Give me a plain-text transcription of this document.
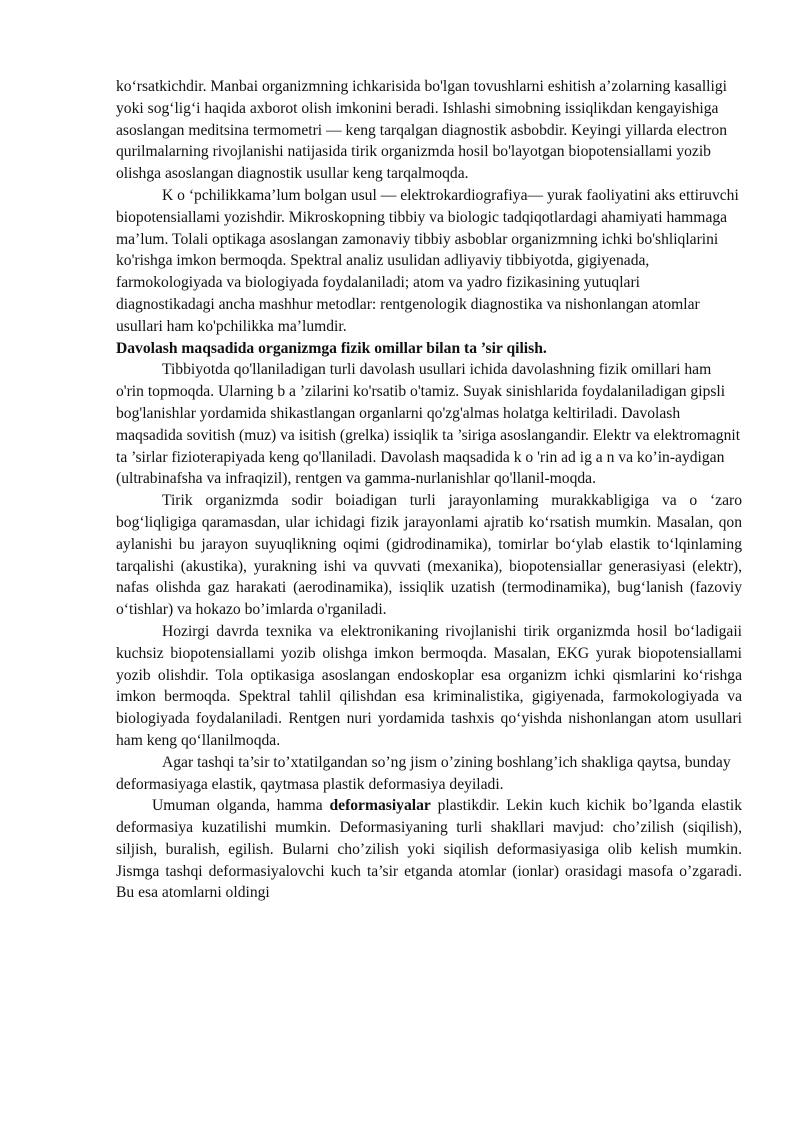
ko‘rsatkichdir. Manbai organizmning ichkarisida bo'lgan tovushlarni eshitish a’zolarning kasalligi yoki sog‘lig‘i haqida axborot olish imkonini beradi. Ishlashi simobning issiqlikdan kengayishiga asoslangan meditsina termometri — keng tarqalgan diagnostik asbobdir. Keyingi yillarda electron qurilmalarning rivojlanishi natijasida tirik organizmda hosil bo'layotgan biopotensiallami yozib olishga asoslangan diagnostik usullar keng tarqalmoqda.

K o ‘pchilikkama’lum bolgan usul — elektrokardiografiya— yurak faoliyatini aks ettiruvchi biopotensiallami yozishdir. Mikroskopning tibbiy va biologic tadqiqotlardagi ahamiyati hammaga ma’lum. Tolali optikaga asoslangan zamonaviy tibbiy asboblar organizmning ichki bo'shliqlarini ko'rishga imkon bermoqda. Spektral analiz usulidan adliyaviy tibbiyotda, gigiyenada, farmokologiyada va biologiyada foydalaniladi; atom va yadro fizikasining yutuqlari diagnostikadagi ancha mashhur metodlar: rentgenologik diagnostika va nishonlangan atomlar usullari ham ko'pchilikka ma’lumdir.

Davolash maqsadida organizmga fizik omillar bilan ta ’sir qilish.

Tibbiyotda qo'llaniladigan turli davolash usullari ichida davolashning fizik omillari ham o'rin topmoqda. Ularning b a ’zilarini ko'rsatib o'tamiz. Suyak sinishlarida foydalaniladigan gipsli bog'lanishlar yordamida shikastlangan organlarni qo'zg'almas holatga keltiriladi. Davolash maqsadida sovitish (muz) va isitish (grelka) issiqlik ta ’siriga asoslangandir. Elektr va elektromagnit ta ’sirlar fizioterapiyada keng qo'llaniladi. Davolash maqsadida k o 'rin ad ig a n va ko’in-aydigan (ultrabinafsha va infraqizil), rentgen va gamma-nurlanishlar qo'llanil-moqda.

Tirik organizmda sodir boiadigan turli jarayonlaming murakkabligiga va o ‘zaro bog‘liqligiga qaramasdan, ular ichidagi fizik jarayonlami ajratib ko‘rsatish mumkin. Masalan, qon aylanishi bu jarayon suyuqlikning oqimi (gidrodinamika), tomirlar bo‘ylab elastik to‘lqinlaming tarqalishi (akustika), yurakning ishi va quvvati (mexanika), biopotensiallar generasiyasi (elektr), nafas olishda gaz harakati (aerodinamika), issiqlik uzatish (termodinamika), bug‘lanish (fazoviy o‘tishlar) va hokazo bo’imlarda o'rganiladi.

Hozirgi davrda texnika va elektronikaning rivojlanishi tirik organizmda hosil bo‘ladigaii kuchsiz biopotensiallami yozib olishga imkon bermoqda. Masalan, EKG yurak biopotensiallami yozib olishdir. Tola optikasiga asoslangan endoskoplar esa organizm ichki qismlarini ko‘rishga imkon bermoqda. Spektral tahlil qilishdan esa kriminalistika, gigiyenada, farmokologiyada va biologiyada foydalaniladi. Rentgen nuri yordamida tashxis qo‘yishda nishonlangan atom usullari ham keng qo‘llanilmoqda.

Agar tashqi ta’sir to’xtatilgandan so’ng jism o’zining boshlang’ich shakliga qaytsa, bunday deformasiyaga elastik, qaytmasa plastik deformasiya deyiladi.

Umuman olganda, hamma deformasiyalar plastikdir. Lekin kuch kichik bo’lganda elastik deformasiya kuzatilishi mumkin. Deformasiyaning turli shakllari mavjud: cho’zilish (siqilish), siljish, buralish, egilish. Bularni cho’zilish yoki siqilish deformasiyasiga olib kelish mumkin. Jismga tashqi deformasiyalovchi kuch ta’sir etganda atomlar (ionlar) orasidagi masofa o’zgaradi. Bu esa atomlarni oldingi
